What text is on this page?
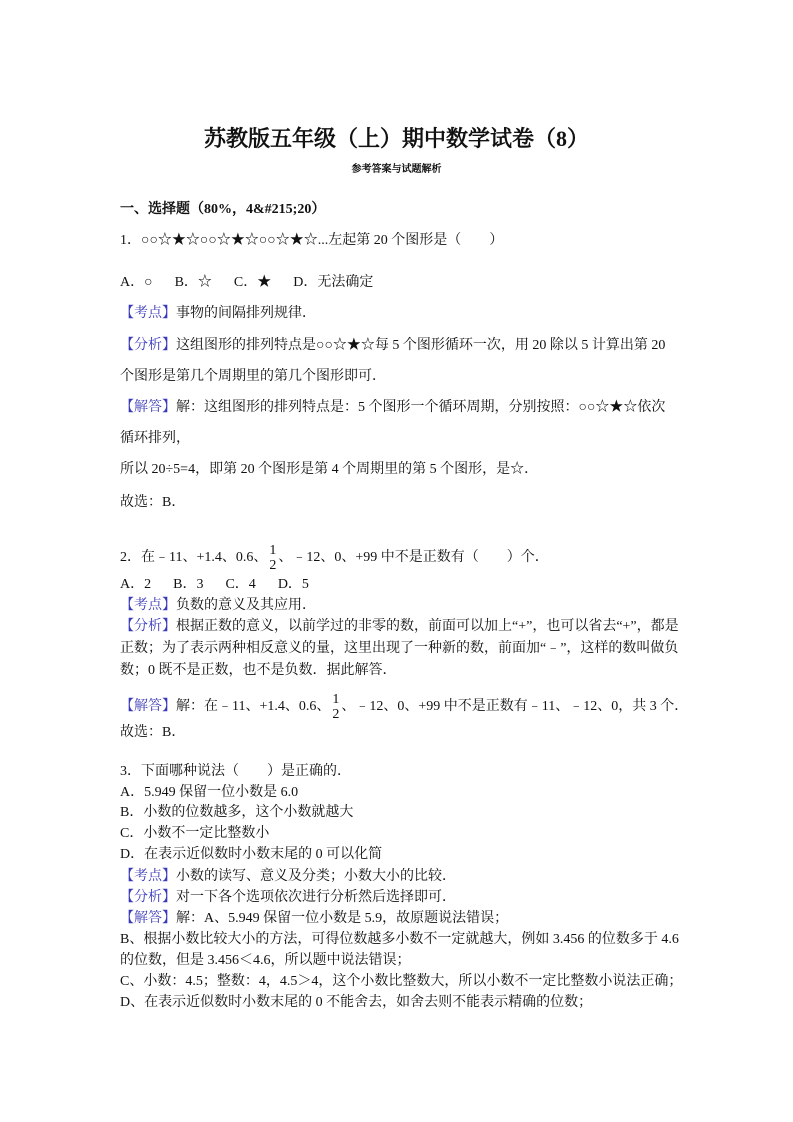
苏教版五年级（上）期中数学试卷（8）
参考答案与试题解析
一、选择题（80%，4&#215;20）
1．○○☆★☆○○☆★☆○○☆★☆...左起第 20 个图形是（　　）
A．○ B．☆ C．★ D．无法确定
【考点】事物的间隔排列规律．
【分析】这组图形的排列特点是○○☆★☆每 5 个图形循环一次，用 20 除以 5 计算出第 20
个图形是第几个周期里的第几个图形即可．
【解答】解：这组图形的排列特点是：5 个图形一个循环周期，分别按照：○○☆★☆依次
循环排列，
所以 20÷5=4，即第 20 个图形是第 4 个周期里的第 5 个图形，是☆．
故选：B．
2．在﹣11、+1.4、0.6、 1
2
、﹣12、0、+99 中不是正数有（　　）个．
A．2 B．3 C．4 D．5
【考点】负数的意义及其应用．
【分析】根据正数的意义，以前学过的非零的数，前面可以加上“+”，也可以省去“+”，都是
正数；为了表示两种相反意义的量，这里出现了一种新的数，前面加“﹣”，这样的数叫做负
数；0 既不是正数，也不是负数．据此解答．
【解答】解：在﹣11、+1.4、0.6、 1
2
、﹣12、0、+99 中不是正数有﹣11、﹣12、0，共 3 个．
故选：B．
3．下面哪种说法（　　）是正确的．
A．5.949 保留一位小数是 6.0
B．小数的位数越多，这个小数就越大
C．小数不一定比整数小
D．在表示近似数时小数末尾的 0 可以化简
【考点】小数的读写、意义及分类；小数大小的比较．
【分析】对一下各个选项依次进行分析然后选择即可．
【解答】解：A、5.949 保留一位小数是 5.9，故原题说法错误；
B、根据小数比较大小的方法，可得位数越多小数不一定就越大，例如 3.456 的位数多于 4.6
的位数，但是 3.456＜4.6，所以题中说法错误；
C、小数：4.5；整数：4，4.5＞4，这个小数比整数大，所以小数不一定比整数小说法正确；
D、在表示近似数时小数末尾的 0 不能舍去，如舍去则不能表示精确的位数；
